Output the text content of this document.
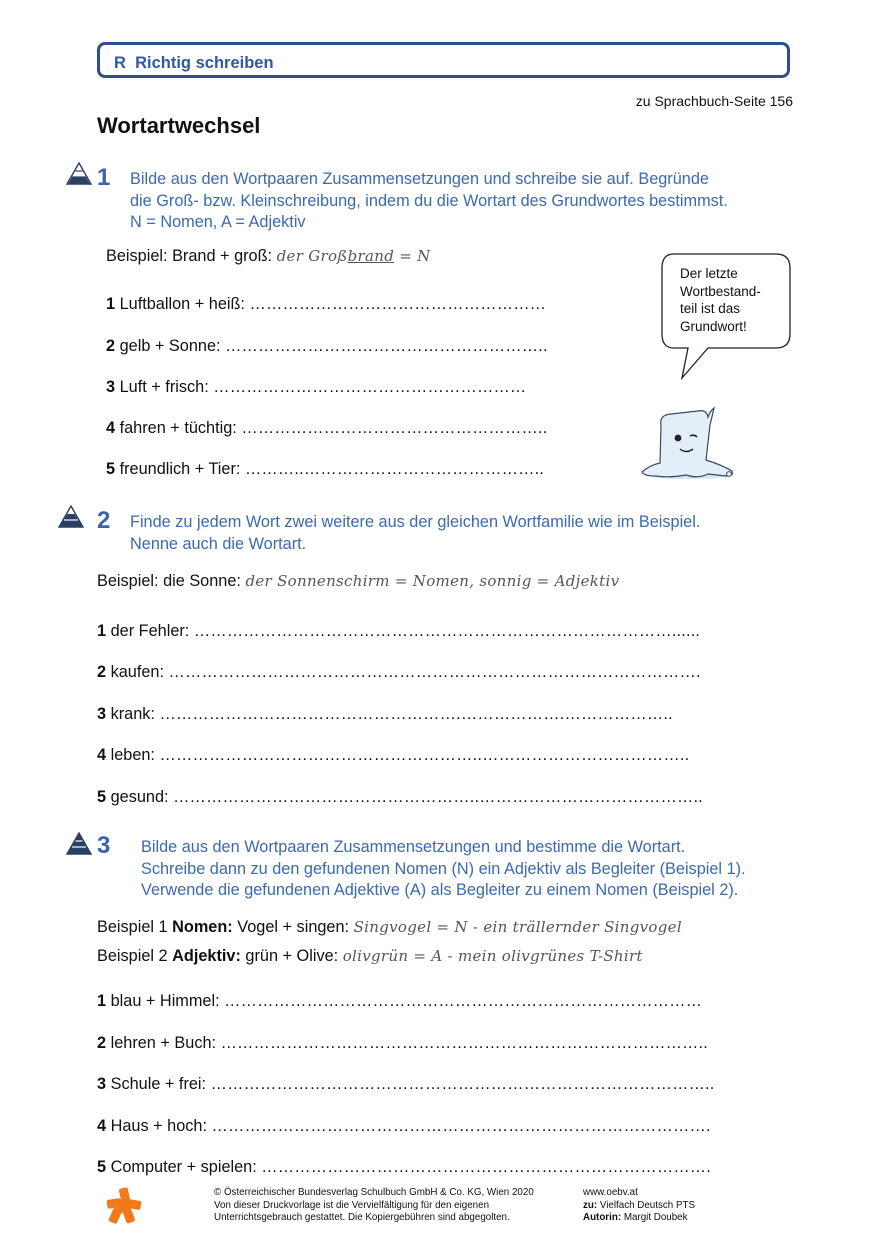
R Richtig schreiben
zu Sprachbuch-Seite 156
Wortartwechsel
1 Bilde aus den Wortpaaren Zusammensetzungen und schreibe sie auf. Begründe
die Groß- bzw. Kleinschreibung, indem du die Wortart des Grundwortes bestimmst.
N = Nomen, A = Adjektiv
Beispiel: Brand + groß: der Großbrand = N
1 Luftballon + heiß: ………………………………………………
2 gelb + Sonne: …………………………………………………..
3 Luft + frisch: …………………………………………………
4 fahren + tüchtig: ………………………………………………..
5 freundlich + Tier: ………..……………………………………..
Der letzte
Wortbestand-
teil ist das
Grundwort!
2 Finde zu jedem Wort zwei weitere aus der gleichen Wortfamilie wie im Beispiel.
Nenne auch die Wortart.
Beispiel: die Sonne: der Sonnenschirm = Nomen, sonnig = Adjektiv
1 der Fehler: ……………………………………………………………………………......
2 kaufen: …………………………………………………………………………………….
3 krank: ……………………………………………….……………….………………..
4 leben: …………………………………………………..………………………………..
5 gesund: ………………………………………………..…………………………………..
3 Bilde aus den Wortpaaren Zusammensetzungen und bestimme die Wortart.
Schreibe dann zu den gefundenen Nomen (N) ein Adjektiv als Begleiter (Beispiel 1).
Verwende die gefundenen Adjektive (A) als Begleiter zu einem Nomen (Beispiel 2).
Beispiel 1 Nomen: Vogel + singen: Singvogel = N - ein trällernder Singvogel
Beispiel 2 Adjektiv: grün + Olive: olivgrün = A - mein olivgrünes T-Shirt
1 blau + Himmel: ……………………………………………………………………………
2 lehren + Buch: ……………………………………………………………………………..
3 Schule + frei: ………………………………………………………………………………..
4 Haus + hoch: ……………………………………………………………………………….
5 Computer + spielen: ……………………………………………………………………….
© Österreichischer Bundesverlag Schulbuch GmbH & Co. KG, Wien 2020
Von dieser Druckvorlage ist die Vervielfältigung für den eigenen
Unterrichtsgebrauch gestattet. Die Kopiergebühren sind abgegolten.
www.oebv.at
zu: Vielfach Deutsch PTS
Autorin: Margit Doubek
